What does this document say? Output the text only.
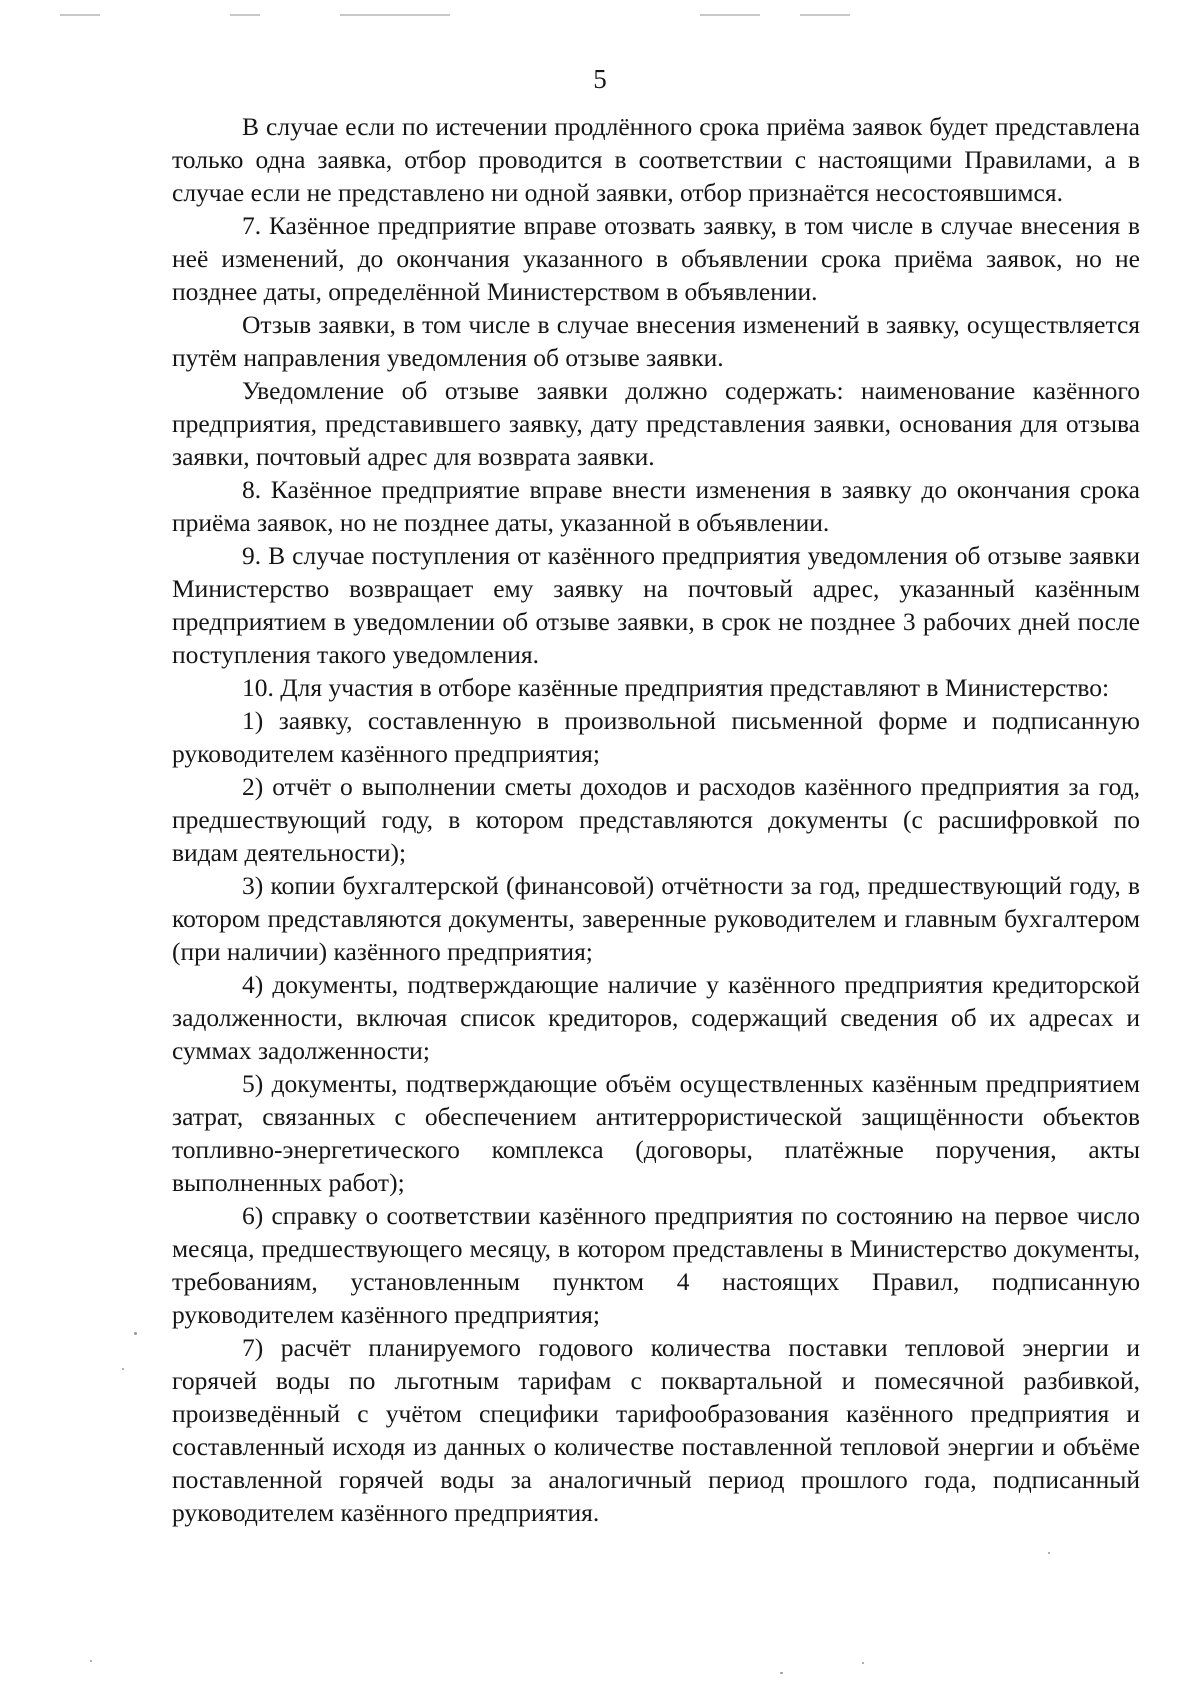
5

В случае если по истечении продлённого срока приёма заявок будет представлена только одна заявка, отбор проводится в соответствии с настоящими Правилами, а в случае если не представлено ни одной заявки, отбор признаётся несостоявшимся.

7. Казённое предприятие вправе отозвать заявку, в том числе в случае внесения в неё изменений, до окончания указанного в объявлении срока приёма заявок, но не позднее даты, определённой Министерством в объявлении.

Отзыв заявки, в том числе в случае внесения изменений в заявку, осуществляется путём направления уведомления об отзыве заявки.

Уведомление об отзыве заявки должно содержать: наименование казённого предприятия, представившего заявку, дату представления заявки, основания для отзыва заявки, почтовый адрес для возврата заявки.

8. Казённое предприятие вправе внести изменения в заявку до окончания срока приёма заявок, но не позднее даты, указанной в объявлении.

9. В случае поступления от казённого предприятия уведомления об отзыве заявки Министерство возвращает ему заявку на почтовый адрес, указанный казённым предприятием в уведомлении об отзыве заявки, в срок не позднее 3 рабочих дней после поступления такого уведомления.

10. Для участия в отборе казённые предприятия представляют в Министерство:

1) заявку, составленную в произвольной письменной форме и подписанную руководителем казённого предприятия;

2) отчёт о выполнении сметы доходов и расходов казённого предприятия за год, предшествующий году, в котором представляются документы (с расшифровкой по видам деятельности);

3) копии бухгалтерской (финансовой) отчётности за год, предшествующий году, в котором представляются документы, заверенные руководителем и главным бухгалтером (при наличии) казённого предприятия;

4) документы, подтверждающие наличие у казённого предприятия кредиторской задолженности, включая список кредиторов, содержащий сведения об их адресах и суммах задолженности;

5) документы, подтверждающие объём осуществленных казённым предприятием затрат, связанных с обеспечением антитеррористической защищённости объектов топливно-энергетического комплекса (договоры, платёжные поручения, акты выполненных работ);

6) справку о соответствии казённого предприятия по состоянию на первое число месяца, предшествующего месяцу, в котором представлены в Министерство документы, требованиям, установленным пунктом 4 настоящих Правил, подписанную руководителем казённого предприятия;

7) расчёт планируемого годового количества поставки тепловой энергии и горячей воды по льготным тарифам с поквартальной и помесячной разбивкой, произведённый с учётом специфики тарифообразования казённого предприятия и составленный исходя из данных о количестве поставленной тепловой энергии и объёме поставленной горячей воды за аналогичный период прошлого года, подписанный руководителем казённого предприятия.
